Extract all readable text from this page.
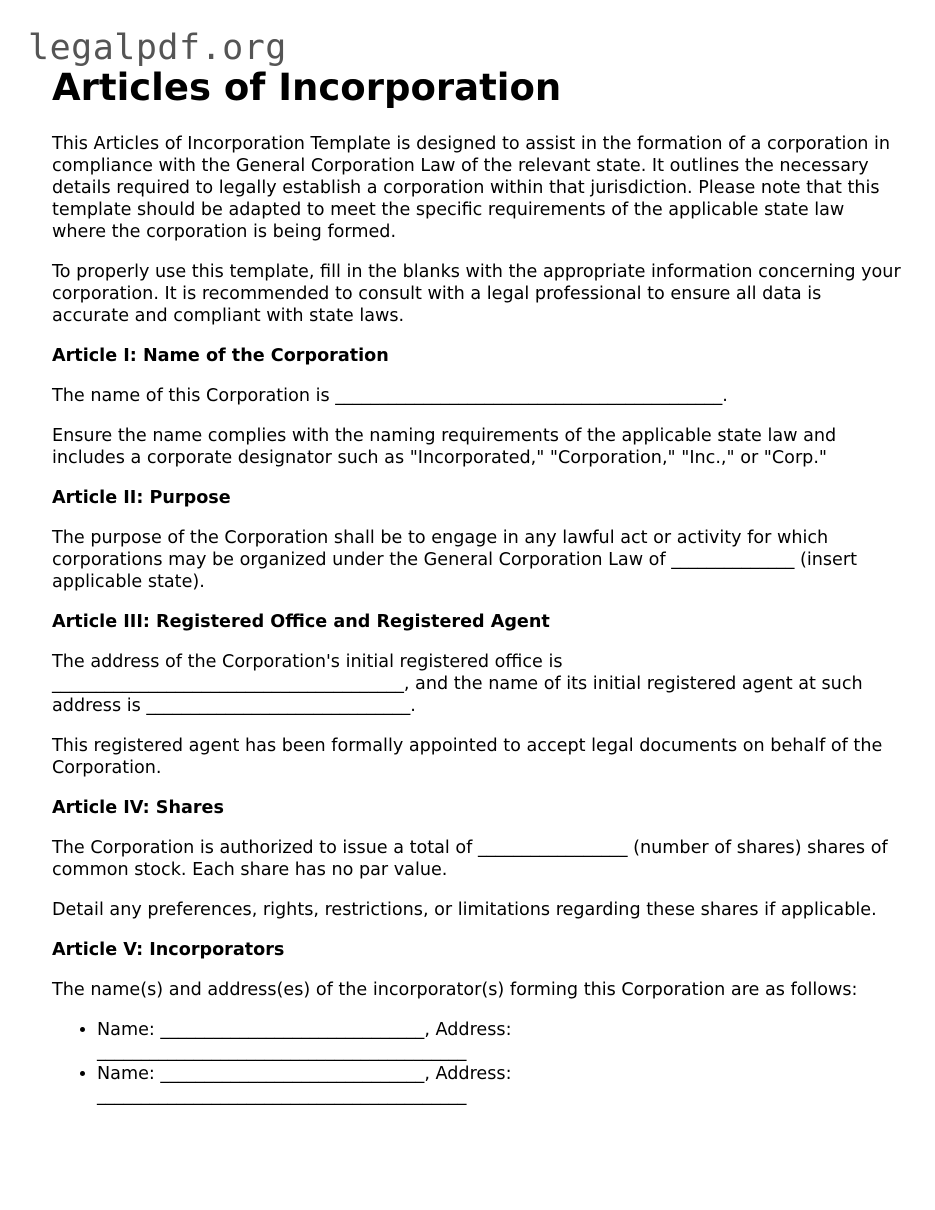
legalpdf.org
Articles of Incorporation

This Articles of Incorporation Template is designed to assist in the formation of a corporation in compliance with the General Corporation Law of the relevant state. It outlines the necessary details required to legally establish a corporation within that jurisdiction. Please note that this template should be adapted to meet the specific requirements of the applicable state law where the corporation is being formed.

To properly use this template, fill in the blanks with the appropriate information concerning your corporation. It is recommended to consult with a legal professional to ensure all data is accurate and compliant with state laws.

Article I: Name of the Corporation

The name of this Corporation is ____________________________________________.

Ensure the name complies with the naming requirements of the applicable state law and includes a corporate designator such as "Incorporated," "Corporation," "Inc.," or "Corp."

Article II: Purpose

The purpose of the Corporation shall be to engage in any lawful act or activity for which corporations may be organized under the General Corporation Law of ______________ (insert applicable state).

Article III: Registered Office and Registered Agent

The address of the Corporation's initial registered office is ________________________________________, and the name of its initial registered agent at such address is ______________________________.

This registered agent has been formally appointed to accept legal documents on behalf of the Corporation.

Article IV: Shares

The Corporation is authorized to issue a total of _________________ (number of shares) shares of common stock. Each share has no par value.

Detail any preferences, rights, restrictions, or limitations regarding these shares if applicable.

Article V: Incorporators

The name(s) and address(es) of the incorporator(s) forming this Corporation are as follows:

• Name: ______________________________, Address: __________________________________________
• Name: ______________________________, Address: __________________________________________
